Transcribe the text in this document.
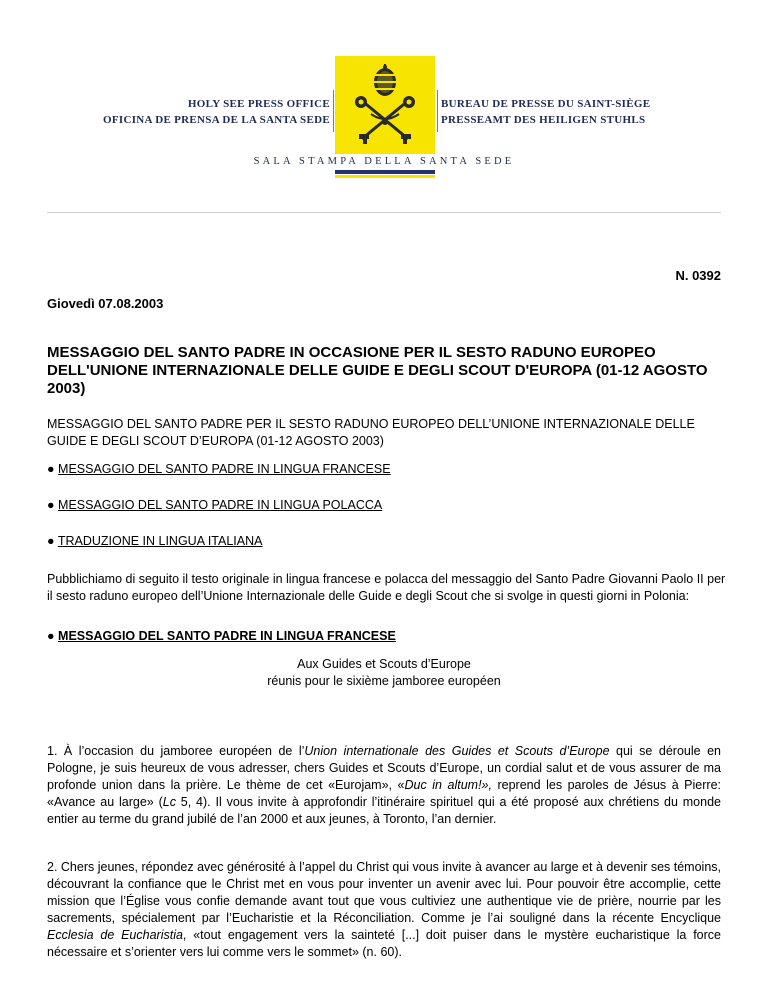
HOLY SEE PRESS OFFICE
OFICINA DE PRENSA DE LA SANTA SEDE
BUREAU DE PRESSE DU SAINT-SIÈGE
PRESSEAMT DES HEILIGEN STUHLS
SALA STAMPA DELLA SANTA SEDE
N. 0392
Giovedì 07.08.2003
MESSAGGIO DEL SANTO PADRE IN OCCASIONE PER IL SESTO RADUNO EUROPEO DELL'UNIONE INTERNAZIONALE DELLE GUIDE E DEGLI SCOUT D'EUROPA (01-12 AGOSTO 2003)
MESSAGGIO DEL SANTO PADRE PER IL SESTO RADUNO EUROPEO DELL’UNIONE INTERNAZIONALE DELLE GUIDE E DEGLI SCOUT D’EUROPA (01-12 AGOSTO 2003)
● MESSAGGIO DEL SANTO PADRE IN LINGUA FRANCESE
● MESSAGGIO DEL SANTO PADRE IN LINGUA POLACCA
● TRADUZIONE IN LINGUA ITALIANA
Pubblichiamo di seguito il testo originale in lingua francese e polacca del messaggio del Santo Padre Giovanni Paolo II per il sesto raduno europeo dell’Unione Internazionale delle Guide e degli Scout che si svolge in questi giorni in Polonia:
● MESSAGGIO DEL SANTO PADRE IN LINGUA FRANCESE
Aux Guides et Scouts d’Europe
réunis pour le sixième jamboree européen
1. À l’occasion du jamboree européen de l’Union internationale des Guides et Scouts d’Europe qui se déroule en Pologne, je suis heureux de vous adresser, chers Guides et Scouts d’Europe, un cordial salut et de vous assurer de ma profonde union dans la prière. Le thème de cet «Eurojam», «Duc in altum!», reprend les paroles de Jésus à Pierre: «Avance au large» (Lc 5, 4). Il vous invite à approfondir l’itinéraire spirituel qui a été proposé aux chrétiens du monde entier au terme du grand jubilé de l’an 2000 et aux jeunes, à Toronto, l’an dernier.
2. Chers jeunes, répondez avec générosité à l’appel du Christ qui vous invite à avancer au large et à devenir ses témoins, découvrant la confiance que le Christ met en vous pour inventer un avenir avec lui. Pour pouvoir être accomplie, cette mission que l’Église vous confie demande avant tout que vous cultiviez une authentique vie de prière, nourrie par les sacrements, spécialement par l’Eucharistie et la Réconciliation. Comme je l’ai souligné dans la récente Encyclique Ecclesia de Eucharistia, «tout engagement vers la sainteté [...] doit puiser dans le mystère eucharistique la force nécessaire et s’orienter vers lui comme vers le sommet» (n. 60).
